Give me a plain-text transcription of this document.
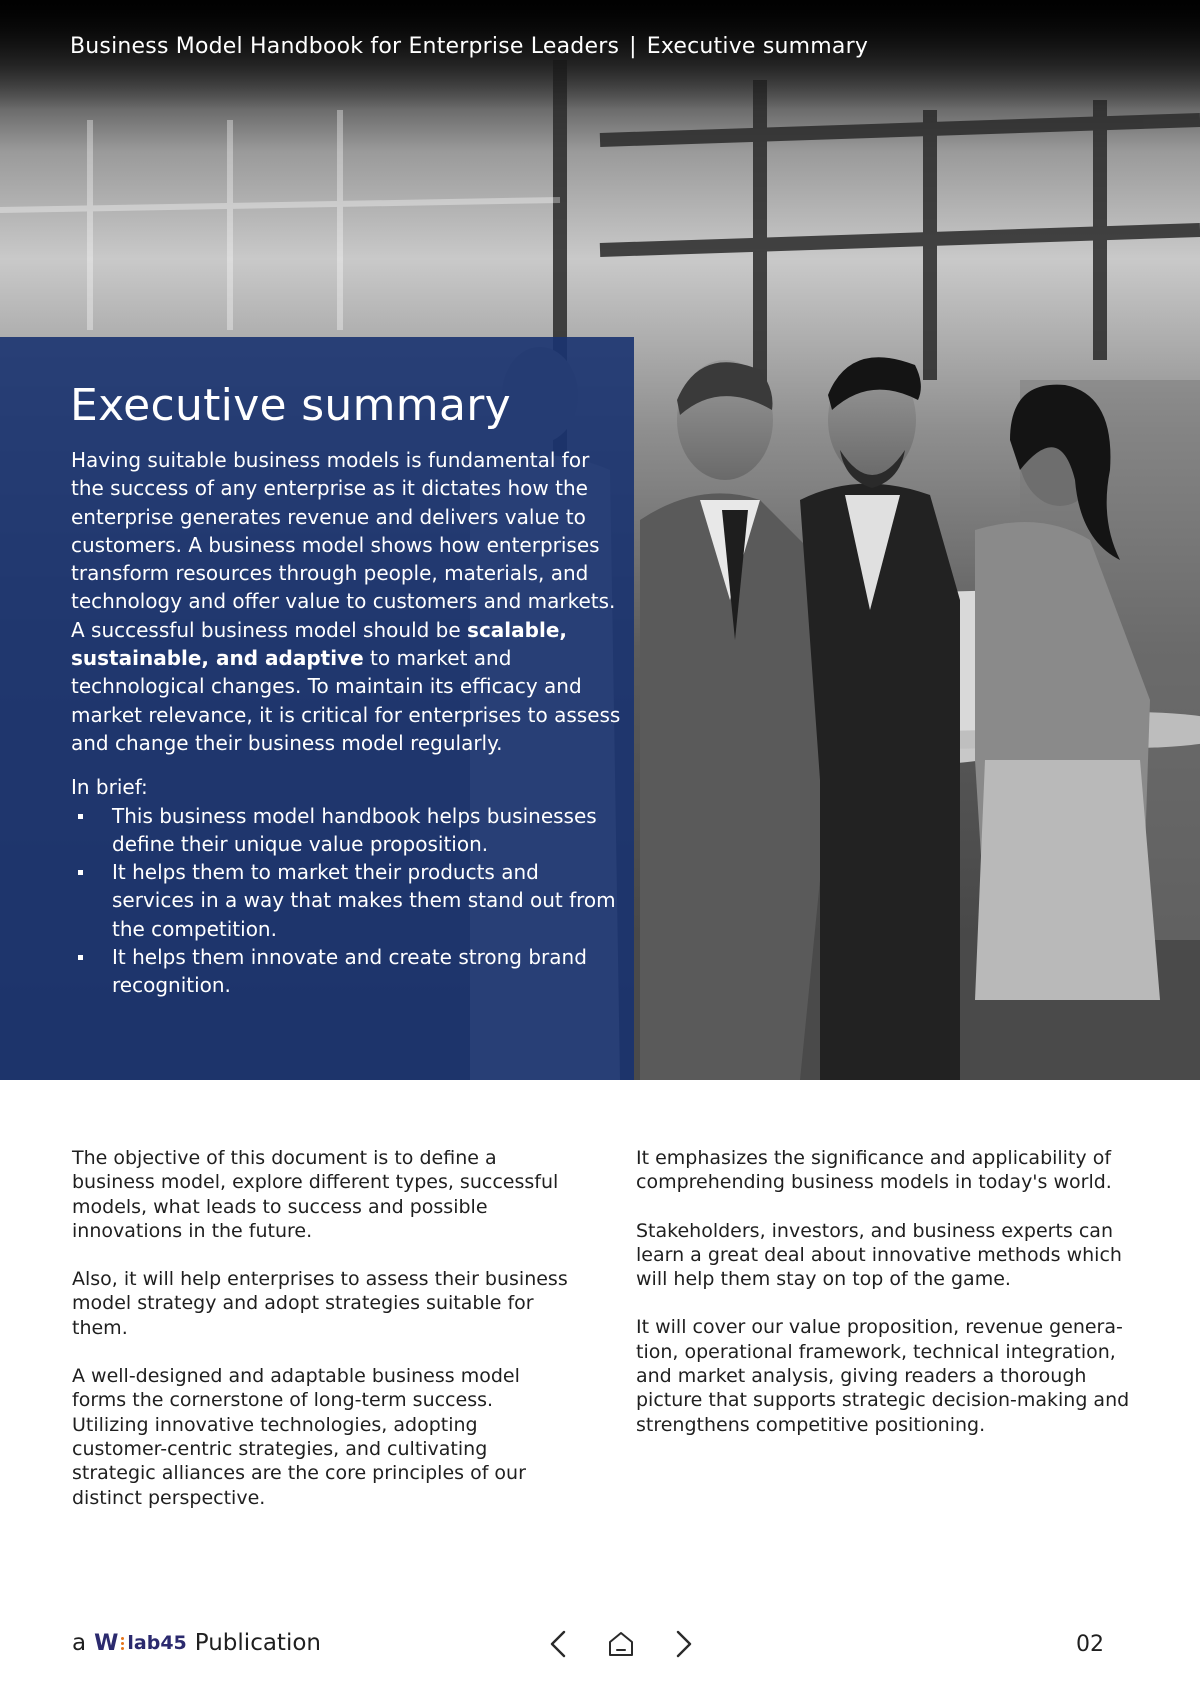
Business Model Handbook for Enterprise Leaders | Executive summary
Executive summary

Having suitable business models is fundamental for the success of any enterprise as it dictates how the enterprise generates revenue and delivers value to customers. A business model shows how enterprises transform resources through people, materials, and technology and offer value to customers and markets.

A successful business model should be scalable, sustainable, and adaptive to market and technological changes. To maintain its efficacy and market relevance, it is critical for enterprises to assess and change their business model regularly.

In brief:

This business model handbook helps businesses define their unique value proposition.
It helps them to market their products and services in a way that makes them stand out from the competition.
It helps them innovate and create strong brand recognition.

The objective of this document is to define a business model, explore different types, successful models, what leads to success and possible innovations in the future.

Also, it will help enterprises to assess their business model strategy and adopt strategies suitable for them.

A well-designed and adaptable business model forms the cornerstone of long-term success. Utilizing innovative technologies, adopting customer-centric strategies, and cultivating strategic alliances are the core principles of our distinct perspective.

It emphasizes the significance and applicability of comprehending business models in today's world.

Stakeholders, investors, and business experts can learn a great deal about innovative methods which will help them stay on top of the game.

It will cover our value proposition, revenue genera-tion, operational framework, technical integration, and market analysis, giving readers a thorough picture that supports strategic decision-making and strengthens competitive positioning.

a W lab45 Publication	02
